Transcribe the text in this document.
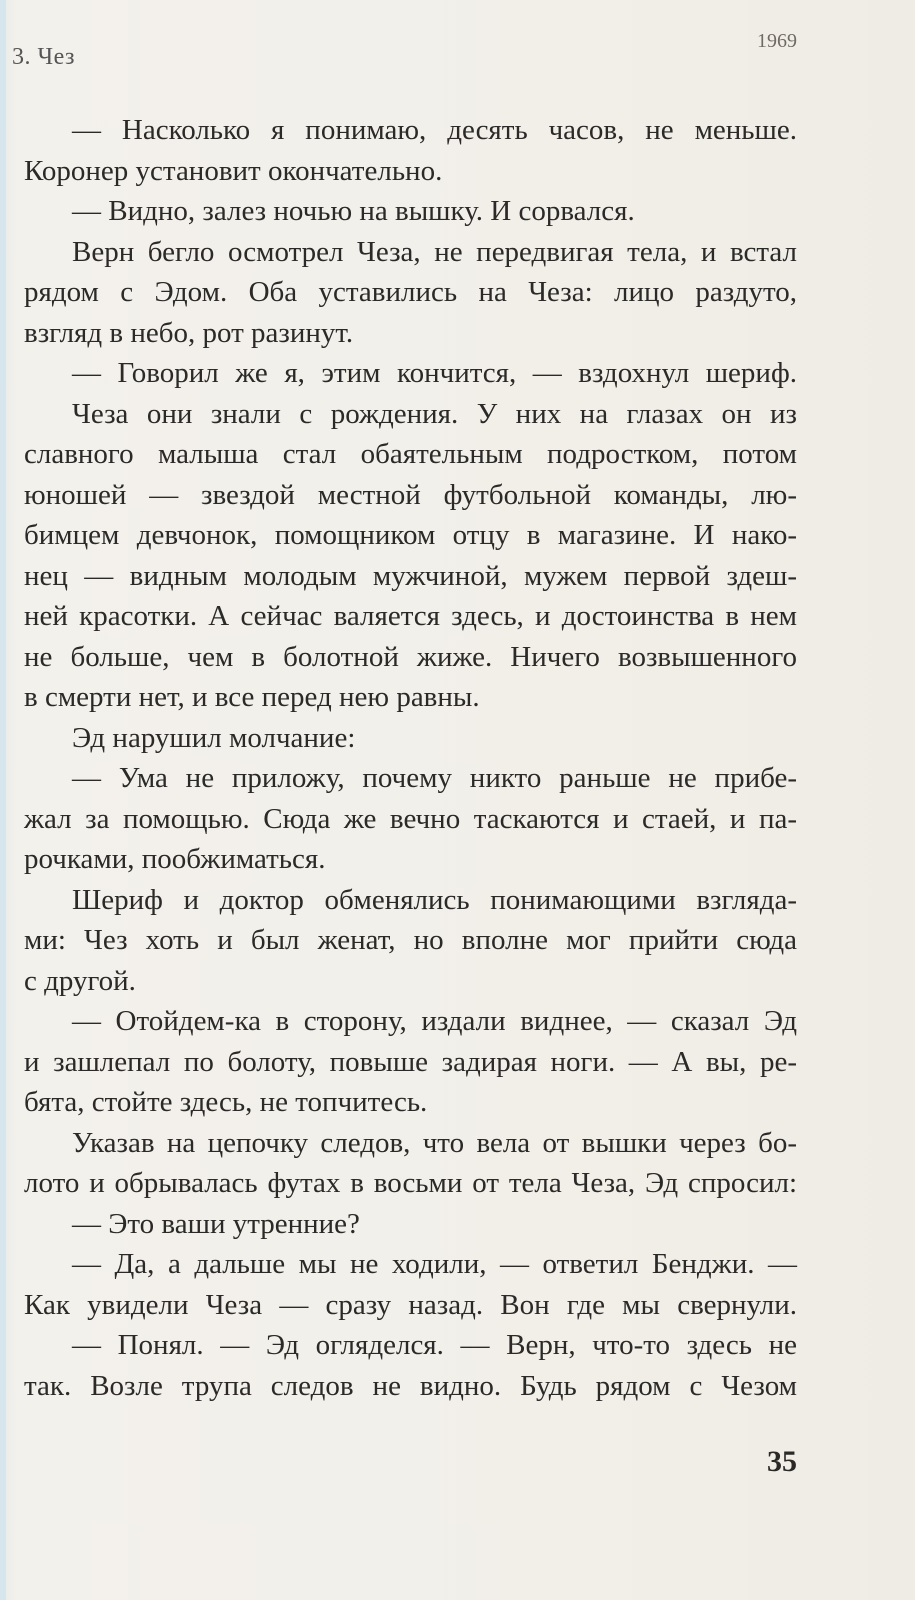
3. Чез
1969
— Насколько я понимаю, десять часов, не меньше.
Коронер установит окончательно.
— Видно, залез ночью на вышку. И сорвался.
Верн бегло осмотрел Чеза, не передвигая тела, и встал
рядом с Эдом. Оба уставились на Чеза: лицо раздуто,
взгляд в небо, рот разинут.
— Говорил же я, этим кончится, — вздохнул шериф.
Чеза они знали с рождения. У них на глазах он из
славного малыша стал обаятельным подростком, потом
юношей — звездой местной футбольной команды, лю-
бимцем девчонок, помощником отцу в магазине. И нако-
нец — видным молодым мужчиной, мужем первой здеш-
ней красотки. А сейчас валяется здесь, и достоинства в нем
не больше, чем в болотной жиже. Ничего возвышенного
в смерти нет, и все перед нею равны.
Эд нарушил молчание:
— Ума не приложу, почему никто раньше не прибе-
жал за помощью. Сюда же вечно таскаются и стаей, и па-
рочками, пообжиматься.
Шериф и доктор обменялись понимающими взгляда-
ми: Чез хоть и был женат, но вполне мог прийти сюда
с другой.
— Отойдем-ка в сторону, издали виднее, — сказал Эд
и зашлепал по болоту, повыше задирая ноги. — А вы, ре-
бята, стойте здесь, не топчитесь.
Указав на цепочку следов, что вела от вышки через бо-
лото и обрывалась футах в восьми от тела Чеза, Эд спросил:
— Это ваши утренние?
— Да, а дальше мы не ходили, — ответил Бенджи. —
Как увидели Чеза — сразу назад. Вон где мы свернули.
— Понял. — Эд огляделся. — Верн, что-то здесь не
так. Возле трупа следов не видно. Будь рядом с Чезом
35
